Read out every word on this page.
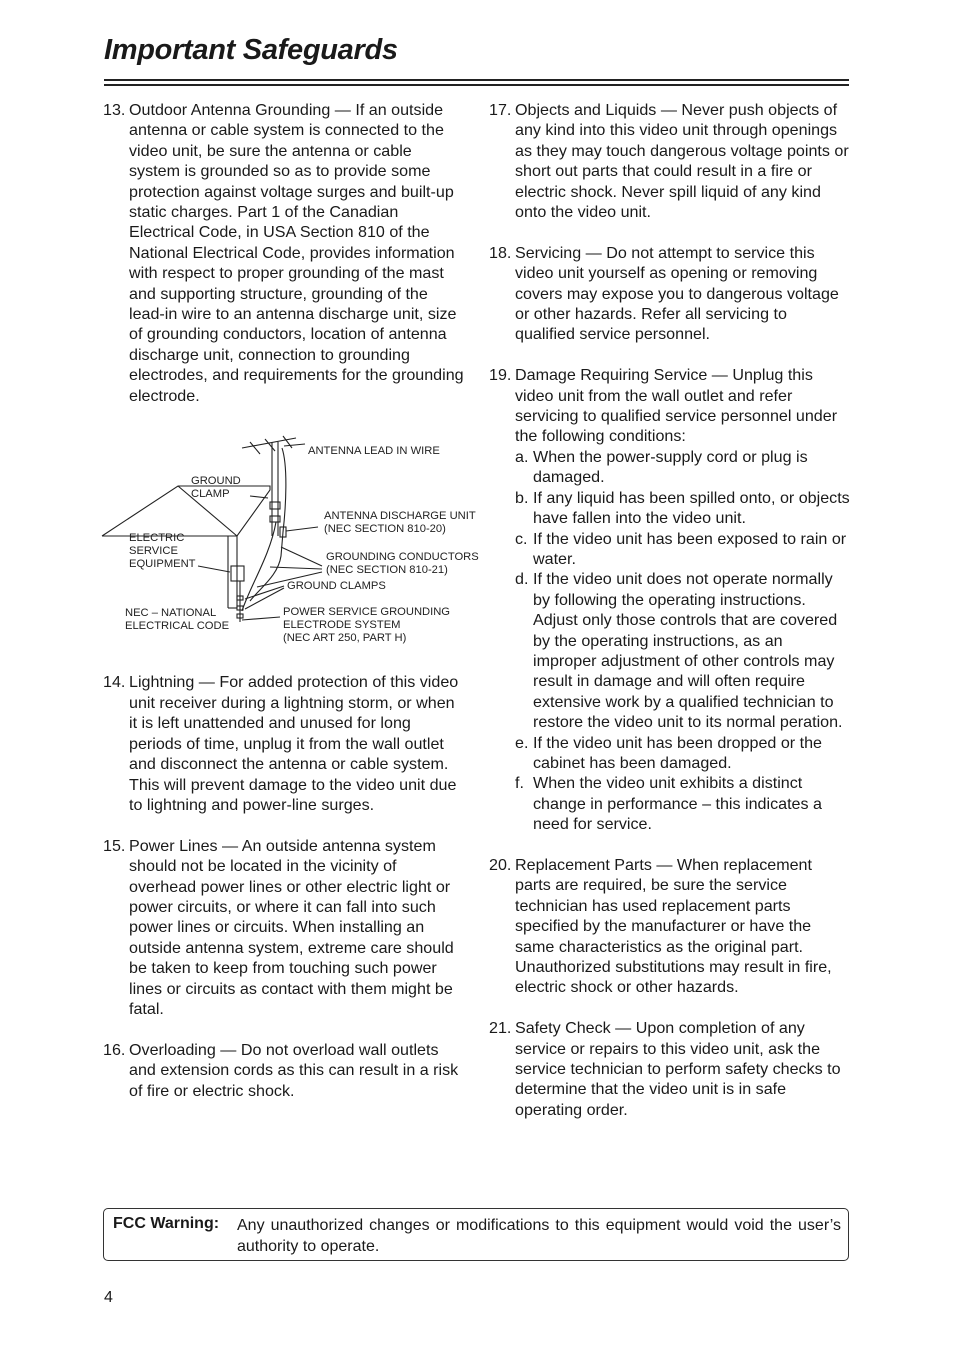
Important Safeguards
13. Outdoor Antenna Grounding — If an outside antenna or cable system is connected to the video unit, be sure the antenna or cable system is grounded so as to provide some protection against voltage surges and built-up static charges. Part 1 of the Canadian Electrical Code, in USA Section 810 of the National Electrical Code, provides information with respect to proper grounding of the mast and supporting structure, grounding of the lead-in wire to an antenna discharge unit, size of grounding conductors, location of antenna discharge unit, connection to grounding electrodes, and requirements for the grounding electrode.
ANTENNA LEAD IN WIRE
GROUND
CLAMP
ANTENNA DISCHARGE UNIT
(NEC SECTION 810-20)
ELECTRIC
SERVICE
EQUIPMENT
GROUNDING CONDUCTORS
(NEC SECTION 810-21)
GROUND CLAMPS
NEC – NATIONAL
ELECTRICAL CODE
POWER SERVICE GROUNDING
ELECTRODE SYSTEM
(NEC ART 250, PART H)
14. Lightning — For added protection of this video unit receiver during a lightning storm, or when it is left unattended and unused for long periods of time, unplug it from the wall outlet and disconnect the antenna or cable system. This will prevent damage to the video unit due to lightning and power-line surges.
15. Power Lines — An outside antenna system should not be located in the vicinity of overhead power lines or other electric light or power circuits, or where it can fall into such power lines or circuits. When installing an outside antenna system, extreme care should be taken to keep from touching such power lines or circuits as contact with them might be fatal.
16. Overloading — Do not overload wall outlets and extension cords as this can result in a risk of fire or electric shock.
17. Objects and Liquids — Never push objects of any kind into this video unit through openings as they may touch dangerous voltage points or short out parts that could result in a fire or electric shock. Never spill liquid of any kind onto the video unit.
18. Servicing — Do not attempt to service this video unit yourself as opening or removing covers may expose you to dangerous voltage or other hazards. Refer all servicing to qualified service personnel.
19. Damage Requiring Service — Unplug this video unit from the wall outlet and refer servicing to qualified service personnel under the following conditions:
a. When the power-supply cord or plug is damaged.
b. If any liquid has been spilled onto, or objects have fallen into the video unit.
c. If the video unit has been exposed to rain or water.
d. If the video unit does not operate normally by following the operating instructions. Adjust only those controls that are covered by the operating instructions, as an improper adjustment of other controls may result in damage and will often require extensive work by a qualified technician to restore the video unit to its normal peration.
e. If the video unit has been dropped or the cabinet has been damaged.
f. When the video unit exhibits a distinct change in performance – this indicates a need for service.
20. Replacement Parts — When replacement parts are required, be sure the service technician has used replacement parts specified by the manufacturer or have the same characteristics as the original part. Unauthorized substitutions may result in fire, electric shock or other hazards.
21. Safety Check — Upon completion of any service or repairs to this video unit, ask the service technician to perform safety checks to determine that the video unit is in safe operating order.
FCC Warning: Any unauthorized changes or modifications to this equipment would void the user’s authority to operate.
4
